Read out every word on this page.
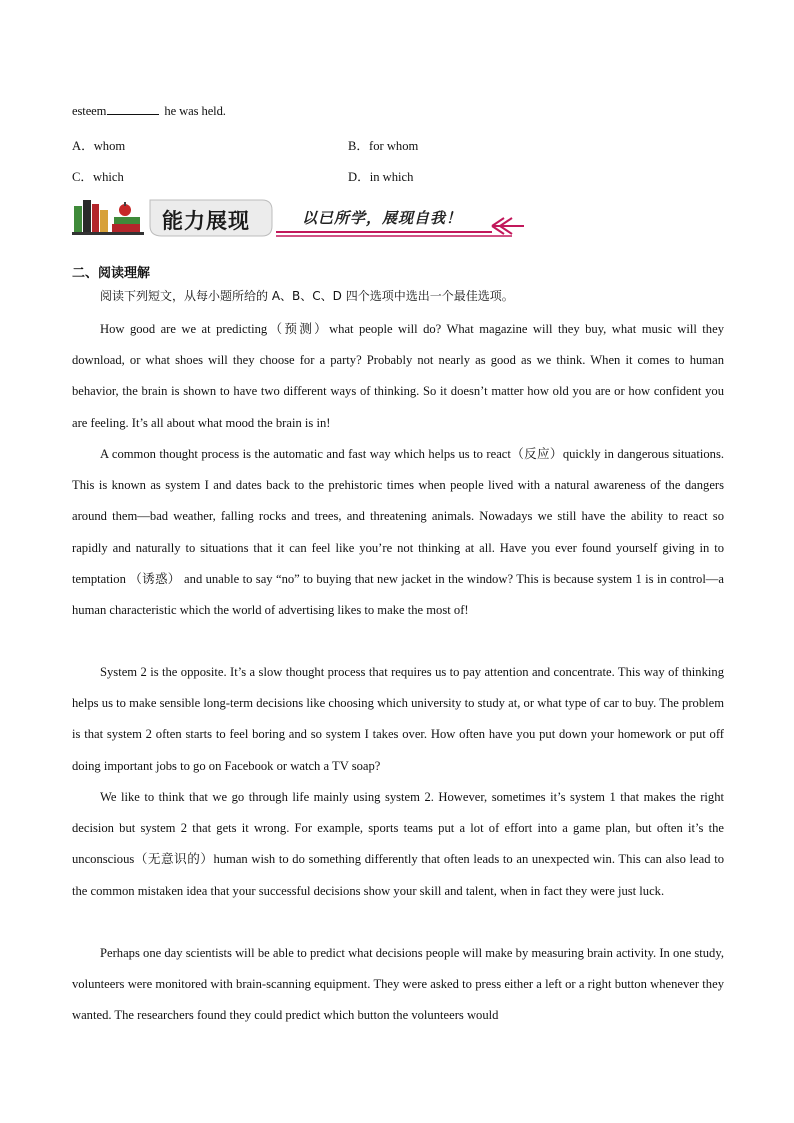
esteem	he was held.
A．whom	B．for whom
C．which	D．in which
能力展现	以已所学，展现自我！
二、阅读理解
阅读下列短文，从每小题所给的 A、B、C、D 四个选项中选出一个最佳选项。

How good are we at predicting（预测）what people will do? What magazine will they buy, what music will they download, or what shoes will they choose for a party? Probably not nearly as good as we think. When it comes to human behavior, the brain is shown to have two different ways of thinking. So it doesn’t matter how old you are or how confident you are feeling. It’s all about what mood the brain is in!

A common thought process is the automatic and fast way which helps us to react（反应）quickly in dangerous situations. This is known as system I and dates back to the prehistoric times when people lived with a natural awareness of the dangers around them—bad weather, falling rocks and trees, and threatening animals. Nowadays we still have the ability to react so rapidly and naturally to situations that it can feel like you’re not thinking at all. Have you ever found yourself giving in to temptation （诱惑） and unable to say “no” to buying that new jacket in the window? This is because system 1 is in control—a human characteristic which the world of advertising likes to make the most of!

System 2 is the opposite. It’s a slow thought process that requires us to pay attention and concentrate. This way of thinking helps us to make sensible long-term decisions like choosing which university to study at, or what type of car to buy. The problem is that system 2 often starts to feel boring and so system I takes over. How often have you put down your homework or put off doing important jobs to go on Facebook or watch a TV soap?

We like to think that we go through life mainly using system 2. However, sometimes it’s system 1 that makes the right decision but system 2 that gets it wrong. For example, sports teams put a lot of effort into a game plan, but often it’s the unconscious（无意识的）human wish to do something differently that often leads to an unexpected win. This can also lead to the common mistaken idea that your successful decisions show your skill and talent, when in fact they were just luck.

Perhaps one day scientists will be able to predict what decisions people will make by measuring brain activity. In one study, volunteers were monitored with brain-scanning equipment. They were asked to press either a left or a right button whenever they wanted. The researchers found they could predict which button the volunteers would
